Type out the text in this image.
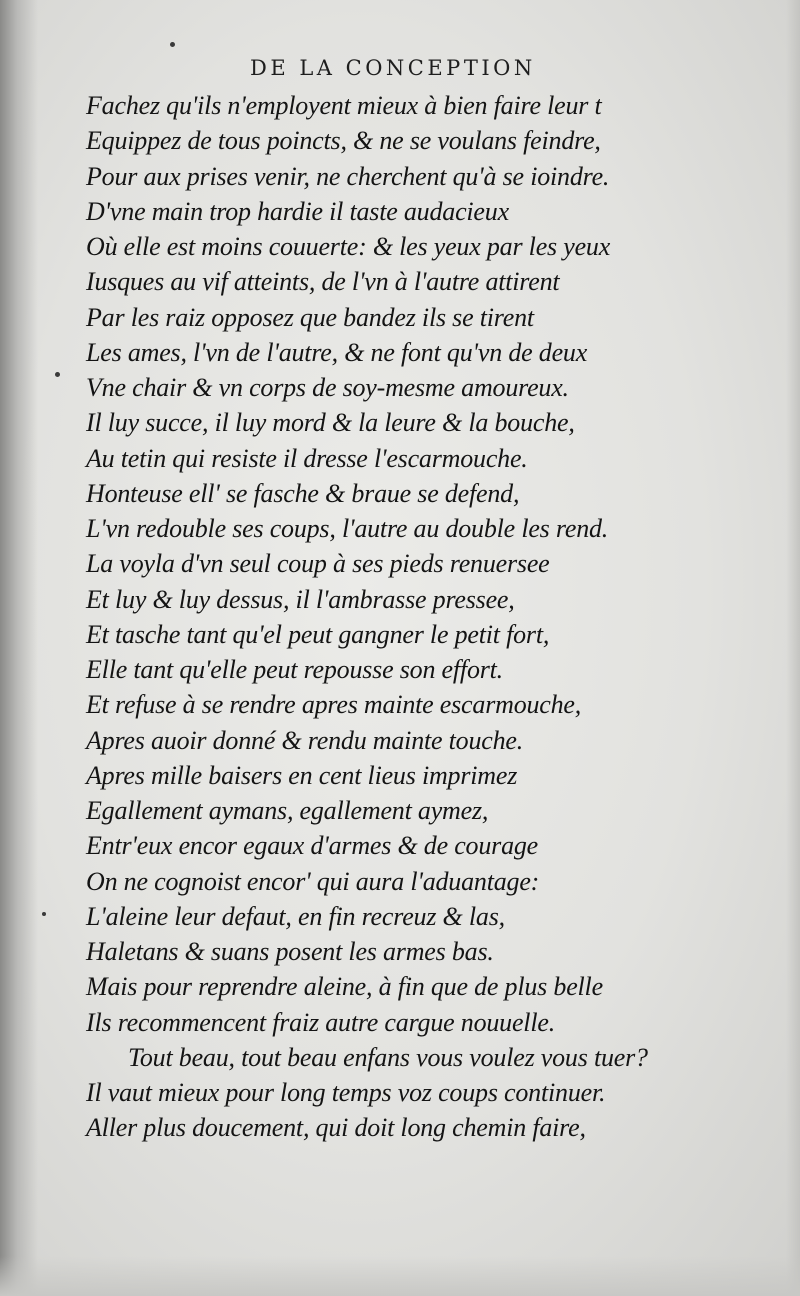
DE LA CONCEPTION
Fachez qu'ils n'employent mieux à bien faire leur t
Equippez de tous poincts, & ne se voulans feindre,
Pour aux prises venir, ne cherchent qu'à se ioindre.
D'vne main trop hardie il taste audacieux
Où elle est moins couuerte: & les yeux par les yeux
Iusques au vif atteints, de l'vn à l'autre attirent
Par les raiz opposez que bandez ils se tirent
Les ames, l'vn de l'autre, & ne font qu'vn de deux
Vne chair & vn corps de soy-mesme amoureux.
Il luy succe, il luy mord & la leure & la bouche,
Au tetin qui resiste il dresse l'escarmouche.
Honteuse ell' se fasche & braue se defend,
L'vn redouble ses coups, l'autre au double les rend.
La voyla d'vn seul coup à ses pieds renuersee
Et luy & luy dessus, il l'ambrasse pressee,
Et tasche tant qu'el peut gangner le petit fort,
Elle tant qu'elle peut repousse son effort.
Et refuse à se rendre apres mainte escarmouche,
Apres auoir donné & rendu mainte touche.
Apres mille baisers en cent lieus imprimez
Egallement aymans, egallement aymez,
Entr'eux encor egaux d'armes & de courage
On ne cognoist encor' qui aura l'aduantage:
L'aleine leur defaut, en fin recreuz & las,
Haletans & suans posent les armes bas.
Mais pour reprendre aleine, à fin que de plus belle
Ils recommencent fraiz autre cargue nouuelle.
Tout beau, tout beau enfans vous voulez vous tuer?
Il vaut mieux pour long temps voz coups continuer.
Aller plus doucement, qui doit long chemin faire,
